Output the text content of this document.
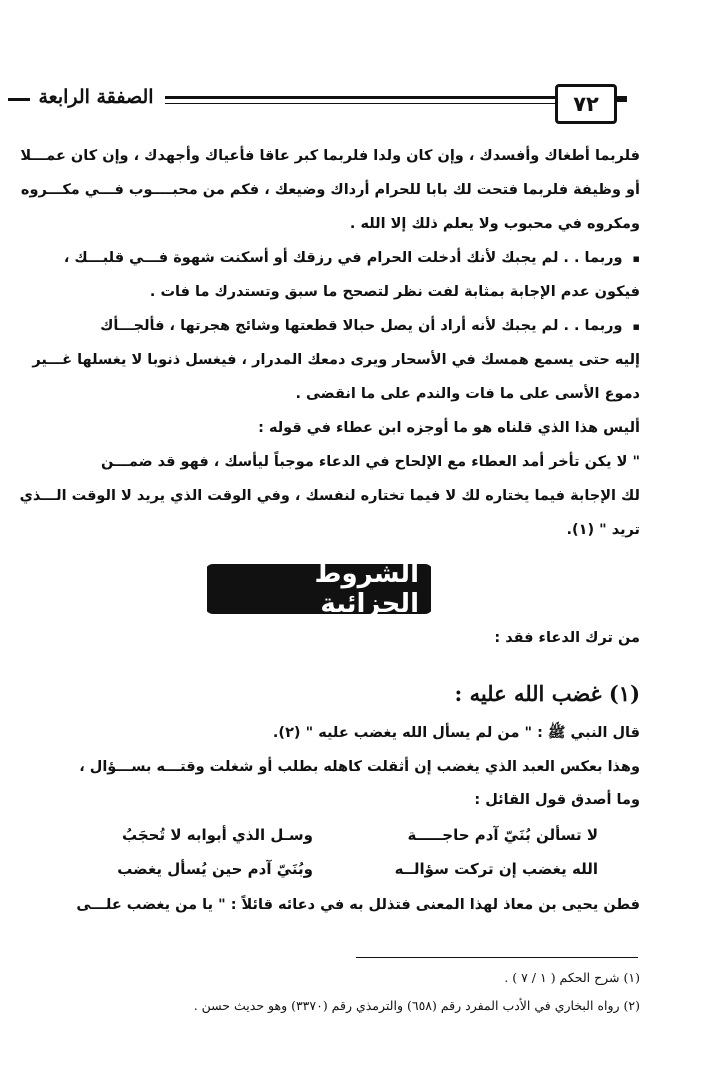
الصفقة الرابعة	٧٢
فلربما أطغاك وأفسدك ، وإن كان ولدا فلربما كبر عاقا فأعياك وأجهدك ، وإن كان عمـــلا
أو وظيفة فلربما فتحت لك بابا للحرام أرداك وضيعك ، فكم من محبــــوب فـــي مكـــروه
ومكروه في محبوب ولا يعلم ذلك إلا الله .
▪ وربما . . لم يجبك لأنك أدخلت الحرام في رزقك أو أسكنت شهوة فـــي قلبـــك ،
فيكون عدم الإجابة بمثابة لفت نظر لتصحح ما سبق وتستدرك ما فات .
▪ وربما . . لم يجبك لأنه أراد أن يصل حبالا قطعتها وشائج هجرتها ، فألجـــأك
إليه حتى يسمع همسك في الأسحار ويرى دمعك المدرار ، فيغسل ذنوبا لا يغسلها غـــير
دموع الأسى على ما فات والندم على ما انقضى .
أليس هذا الذي قلناه هو ما أوجزه ابن عطاء في قوله :
" لا يكن تأخر أمد العطاء مع الإلحاح في الدعاء موجباً ليأسك ، فهو قد ضمـــن
لك الإجابة فيما يختاره لك لا فيما تختاره لنفسك ، وفي الوقت الذي يريد لا الوقت الـــذي
تريد " (١).
الشروط الجزائية
من ترك الدعاء فقد :
(١) غضب الله عليه :
قال النبي ﷺ : " من لم يسأل الله يغضب عليه " (٢).
وهذا بعكس العبد الذي يغضب إن أثقلت كاهله بطلب أو شغلت وقتـــه بســـؤال ،
وما أصدق قول القائل :
لا تسألن بُنَيّ آدم حاجـــــة
وسـل الذي أبوابه لا تُحجَبُ
الله يغضب إن تركت سؤالــه
وبُنَيّ آدم حين يُسأل يغضب
فطن يحيى بن معاذ لهذا المعنى فتذلل به في دعائه قائلاً : " يا من يغضب علـــى
(١) شرح الحكم ( ١ / ٧ ) .
(٢) رواه البخاري في الأدب المفرد رقم (٦٥٨) والترمذي رقم (٣٣٧٠) وهو حديث حسن .
